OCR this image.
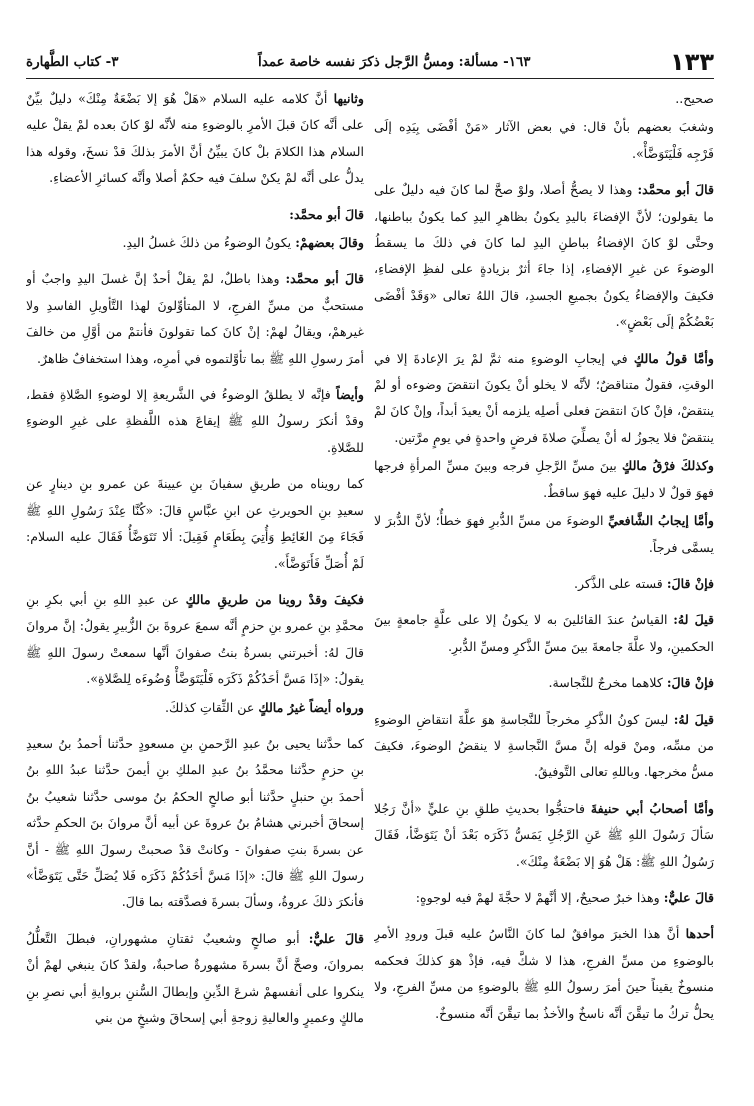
١٣٣
١٦٣- مسألة: ومسُّ الرَّجل ذكرَ نفسه خاصة عمداً
٣- كتاب الطَّهارة

صحيح..

وشغبَ بعضهم بأنْ قال: في بعض الآثار «مَنْ أفْضَى بِيَدِه إلَى فَرْجِه فَلْيَتَوَضَّأْ».

قالَ أبو محمَّد: وهذا لا يصحُّ أصلا، ولوْ صحَّ لما كانَ فيه دليلٌ على ما يقولون؛ لأنَّ الإفضاءَ باليدِ يكونُ بظاهرِ اليدِ كما يكونُ بباطنها، وحتَّى لوْ كانَ الإفضاءُ بباطنِ اليدِ لما كانَ في ذلكَ ما يسقطُ الوضوءَ عن غيرِ الإفضاءِ، إذا جاءَ أثرٌ بزيادةٍ على لفظِ الإفضاءِ، فكيفَ والإفضاءُ يكونُ بجميعِ الجسدِ، قالَ اللهُ تعالى «وَقَدْ أفْضَى بَعْضُكُمْ إلَى بَعْضٍ».

وأمَّا قولُ مالكٍ في إيجابِ الوضوءِ منه ثمَّ لمْ يرَ الإعادةَ إلا في الوقتِ، فقولٌ متناقضٌ؛ لأنَّه لا يخلو أنْ يكونَ انتقضَ وضوءه أو لمْ ينتقضْ، فإنْ كانَ انتقضَ فعلى أصلِه يلزمه أنْ يعيدَ أبداً، وإنْ كانَ لمْ ينتقضْ فلا يجوزُ له أنْ يصلِّيَ صلاةَ فرضٍ واحدةٍ في يومٍ مرَّتين.

وكذلكَ فرْقُ مالكٍ بينَ مسِّ الرَّجلِ فرجه وبينَ مسِّ المرأةِ فرجها فهوَ قولٌ لا دليلَ عليه فهوَ ساقطٌ.

وأمَّا إيجابُ الشَّافعيِّ الوضوءَ من مسِّ الدُّبرِ فهوَ خطأٌ؛ لأنَّ الدُّبرَ لا يسمَّى فرجاً.

فإنْ قالَ: قسته على الذَّكر.

قيلَ لهُ: القياسُ عندَ القائلينَ به لا يكونُ إلا على علَّةٍ جامعةٍ بينَ الحكمينِ، ولا علَّةَ جامعةَ بينَ مسِّ الذَّكرِ ومسِّ الدُّبرِ.

فإنْ قالَ: كلاهما مخرجٌ للنَّجاسة.

قيلَ لهُ: ليسَ كونُ الذَّكرِ مخرجاً للنَّجاسةِ هوَ علَّةَ انتقاضِ الوضوءِ من مسِّه، ومنْ قوله إنَّ مسَّ النَّجاسةِ لا ينقضُ الوضوءَ، فكيفَ مسُّ مخرجها. وباللهِ تعالى التَّوفيقُ.

وأمَّا أصحابُ أبي حنيفةَ فاحتجُّوا بحديثِ طلقِ بنِ عليٍّ «أنَّ رَجُلا سَألَ رَسُولَ اللهِ ﷺ عَنِ الرَّجُلِ يَمَسُّ ذَكَرَه بَعْدَ أنْ يَتَوَضَّأ، فَقَالَ رَسُولُ اللهِ ﷺ: هَلْ هُوَ إلا بَضْعَةٌ مِنْكَ».

قالَ عليٌّ: وهذا خبرٌ صحيحٌ، إلا أنَّهمْ لا حجَّةَ لهمْ فيه لوجوهٍ:

أحدها أنَّ هذا الخبرَ موافقٌ لما كانَ النَّاسُ عليه قبلَ ورودِ الأمرِ بالوضوءِ من مسِّ الفرجِ، هذا لا شكَّ فيه، فإذْ هوَ كذلكَ فحكمه منسوخٌ يقيناً حينَ أمرَ رسولُ اللهِ ﷺ بالوضوءِ من مسِّ الفرجِ، ولا يحلُّ تركُ ما تيقَّنَ أنَّه ناسخٌ والأخذُ بما تيقَّنَ أنَّه منسوخٌ.

وثانيها أنَّ كلامه عليه السلام «هَلْ هُوَ إلا بَضْعَةٌ مِنْكَ» دليلٌ بيِّنٌ على أنَّه كانَ قبلَ الأمرِ بالوضوءِ منه لأنَّه لوْ كانَ بعده لمْ يقلْ عليه السلام هذا الكلامَ بلْ كانَ يبيِّنُ أنَّ الأمرَ بذلكَ قدْ نسخَ، وقوله هذا يدلُّ على أنَّه لمْ يكنْ سلفَ فيه حكمٌ أصلا وأنَّه كسائرِ الأعضاءِ.

قالَ أبو محمَّد:

وقالَ بعضهمْ: يكونُ الوضوءُ من ذلكَ غسلُ اليدِ.

قالَ أبو محمَّد: وهذا باطلٌ، لمْ يقلْ أحدٌ إنَّ غسلَ اليدِ واجبٌ أو مستحبٌّ من مسِّ الفرجِ، لا المتأوِّلونَ لهذا التَّأويلِ الفاسدِ ولا غيرهمْ، ويقالُ لهمْ: إنْ كانَ كما تقولونَ فأنتمْ من أوَّلِ من خالفَ أمرَ رسولِ اللهِ ﷺ بما تأوَّلتموه في أمرِه، وهذا استخفافٌ ظاهرٌ.

وأيضاً فإنَّه لا يطلقُ الوضوءُ في الشَّريعةِ إلا لوضوءِ الصَّلاةِ فقط، وقدْ أنكرَ رسولُ اللهِ ﷺ إيقاعَ هذه اللَّفظةِ على غيرِ الوضوءِ للصَّلاةِ.

كما رويناه من طريقِ سفيانَ بنِ عيينةَ عن عمرو بنِ دينارٍ عن سعيدِ بنِ الحويرثِ عن ابنِ عبَّاسٍ قالَ: «كُنَّا عِنْدَ رَسُولِ اللهِ ﷺ فَجَاءَ مِنَ الغَائِطِ وَأُتِيَ بِطَعَامٍ فَقِيلَ: ألا تَتَوَضَّأُ فَقَالَ عليه السلام: لَمْ أُصَلِّ فَأَتَوَضَّأَ».

فكيفَ وقدْ روينا من طريقِ مالكٍ عن عبدِ اللهِ بنِ أبي بكرِ بنِ محمَّدِ بنِ عمرو بنِ حزمٍ أنَّه سمعَ عروةَ بنَ الزُّبيرِ يقولُ: إنَّ مروانَ قالَ لهُ: أخبرتني بسرةُ بنتُ صفوانَ أنَّها سمعتْ رسولَ اللهِ ﷺ يقولُ: «إذَا مَسَّ أحَدُكُمْ ذَكَرَه فَلْيَتَوَضَّأْ وُضُوءَه لِلصَّلاةِ».

ورواه أيضاً غيرُ مالكٍ عن الثِّقاتِ كذلكَ.

كما حدَّثنا يحيى بنُ عبدِ الرَّحمنِ بنِ مسعودٍ حدَّثنا أحمدُ بنُ سعيدِ بنِ حزمٍ حدَّثنا محمَّدُ بنُ عبدِ الملكِ بنِ أيمنَ حدَّثنا عبدُ اللهِ بنُ أحمدَ بنِ حنبلٍ حدَّثنا أبو صالحٍ الحكمُ بنُ موسى حدَّثنا شعيبُ بنُ إسحاقَ أخبرني هشامُ بنُ عروةَ عن أبيه أنَّ مروانَ بنَ الحكمِ حدَّثه عن بسرةَ بنتِ صفوانَ - وكانتْ قدْ صحبتْ رسولَ اللهِ ﷺ - أنَّ رسولَ اللهِ ﷺ قالَ: «إذَا مَسَّ أحَدُكُمْ ذَكَرَه فَلا يُصَلِّ حَتَّى يَتَوَضَّأ» فأنكرَ ذلكَ عروةُ، وسألَ بسرةَ فصدَّقته بما قالَ.

قالَ عليٌّ: أبو صالحٍ وشعيبٌ ثقتانِ مشهورانِ، فبطلَ التَّعلُّلُ بمروانَ، وصحَّ أنَّ بسرةَ مشهورةٌ صاحبةٌ، ولقدْ كانَ ينبغي لهمْ أنْ ينكروا على أنفسهمْ شرعَ الدِّينِ وإبطالَ السُّننِ بروايةِ أبي نصرِ بنِ مالكٍ وعميرٍ والعاليةِ زوجةِ أبي إسحاقَ وشيخٍ من بني
